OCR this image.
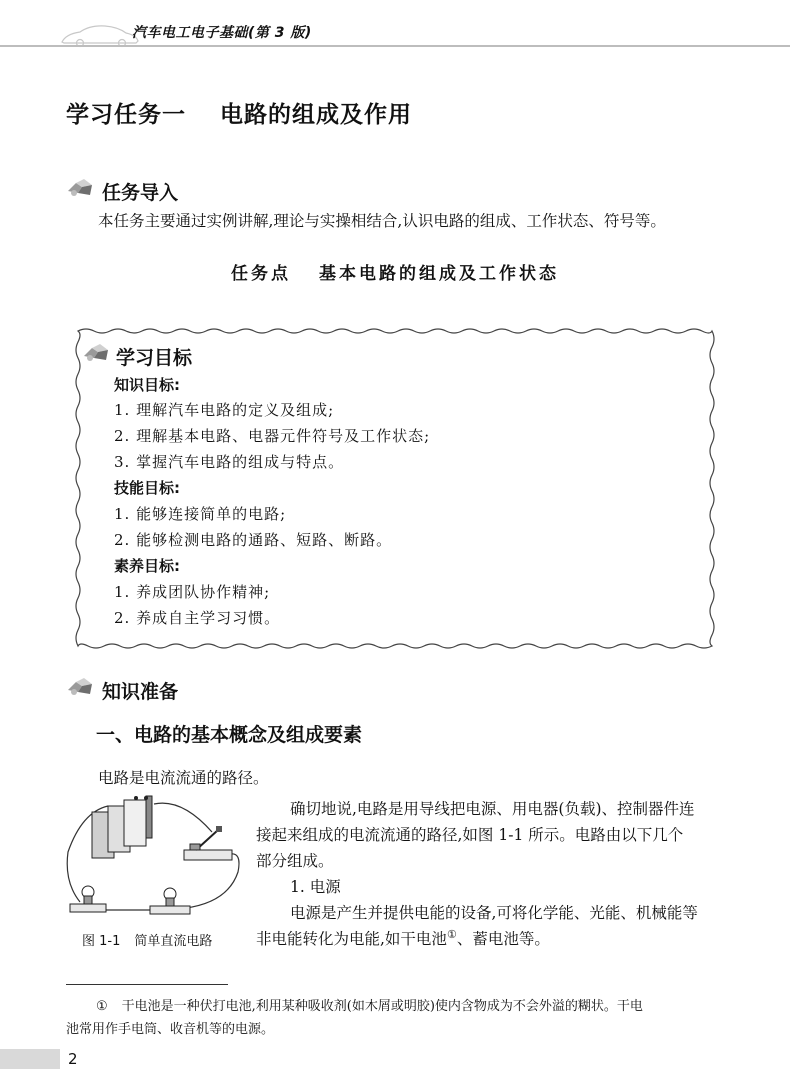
汽车电工电子基础(第 3 版)
学习任务一 电路的组成及作用
任务导入
本任务主要通过实例讲解,理论与实操相结合,认识电路的组成、工作状态、符号等。
任务点 基本电路的组成及工作状态
学习目标
知识目标:
1. 理解汽车电路的定义及组成;
2. 理解基本电路、电器元件符号及工作状态;
3. 掌握汽车电路的组成与特点。
技能目标:
1. 能够连接简单的电路;
2. 能够检测电路的通路、短路、断路。
素养目标:
1. 养成团队协作精神;
2. 养成自主学习习惯。
知识准备
一、电路的基本概念及组成要素
电路是电流流通的路径。
图 1-1 简单直流电路
确切地说,电路是用导线把电源、用电器(负载)、控制器件连
接起来组成的电流流通的路径,如图 1-1 所示。电路由以下几个
部分组成。
1. 电源
电源是产生并提供电能的设备,可将化学能、光能、机械能等
非电能转化为电能,如干电池①、蓄电池等。
① 干电池是一种伏打电池,利用某种吸收剂(如木屑或明胶)使内含物成为不会外溢的糊状。干电
池常用作手电筒、收音机等的电源。
2
